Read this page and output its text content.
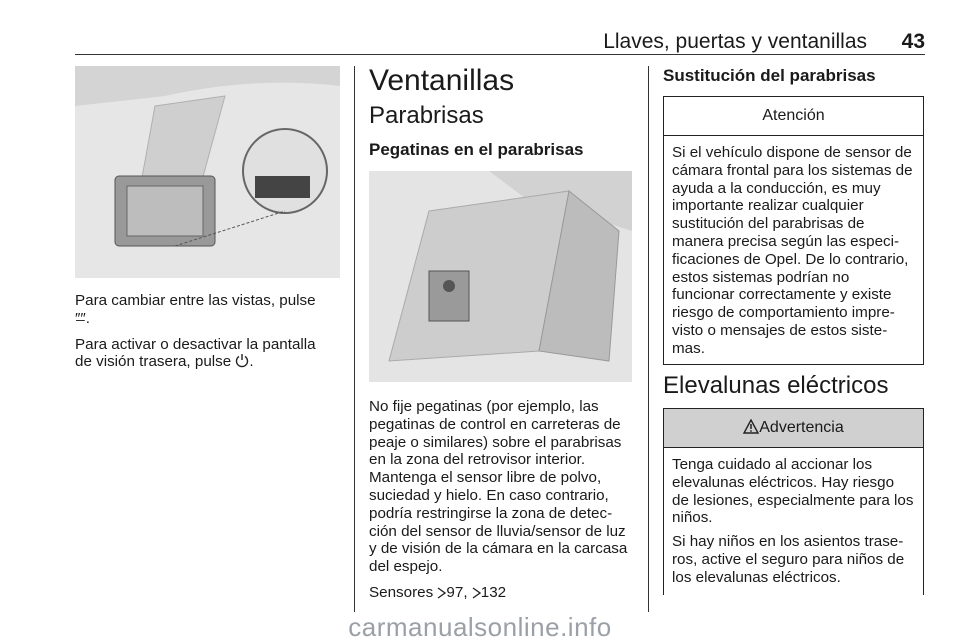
Llaves, puertas y ventanillas 43

Para cambiar entre las vistas, pulse
″̶″.

Para activar o desactivar la pantalla
de visión trasera, pulse .

Ventanillas
Parabrisas
Pegatinas en el parabrisas

No fije pegatinas (por ejemplo, las pegatinas de control en carreteras de peaje o similares) sobre el parabrisas en la zona del retrovisor interior. Mantenga el sensor libre de polvo, suciedad y hielo. En caso contrario, podría restringirse la zona de detección del sensor de lluvia/sensor de luz y de visión de la cámara en la carcasa del espejo.

Sensores 97, 132

Sustitución del parabrisas
Atención

Si el vehículo dispone de sensor de cámara frontal para los sistemas de ayuda a la conducción, es muy importante realizar cualquier sustitución del parabrisas de manera precisa según las especificaciones de Opel. De lo contrario, estos sistemas podrían no funcionar correctamente y existe riesgo de comportamiento imprevisto o mensajes de estos sistemas.

Elevalunas eléctricos
Advertencia

Tenga cuidado al accionar los elevalunas eléctricos. Hay riesgo de lesiones, especialmente para los niños.

Si hay niños en los asientos traseros, active el seguro para niños de los elevalunas eléctricos.

carmanualsonline.info
